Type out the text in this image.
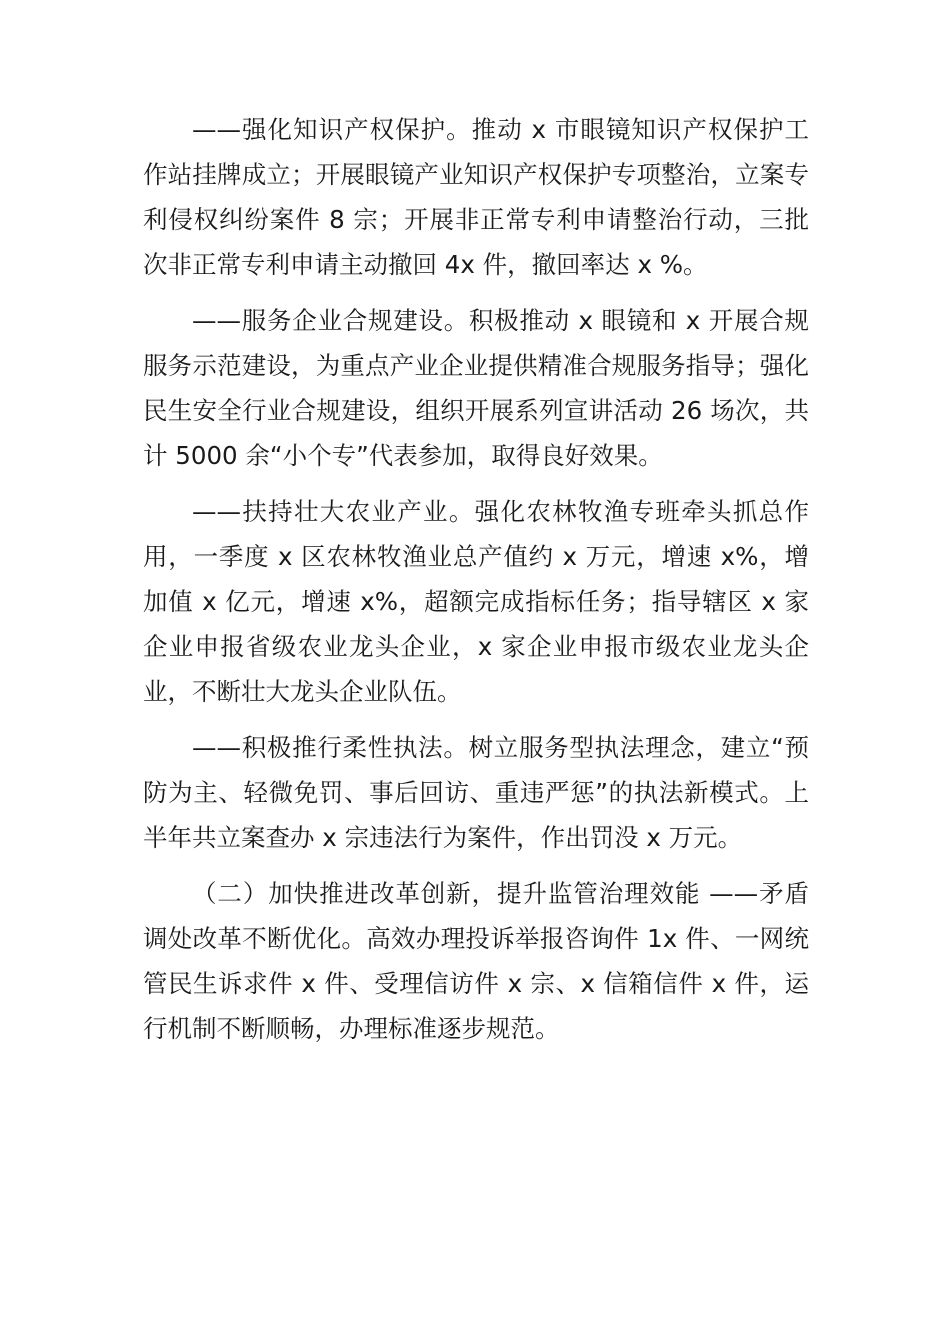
——强化知识产权保护。推动 x 市眼镜知识产权保护工作站挂牌成立；开展眼镜产业知识产权保护专项整治，立案专利侵权纠纷案件 8 宗；开展非正常专利申请整治行动，三批次非正常专利申请主动撤回 4x 件，撤回率达 x %。

——服务企业合规建设。积极推动 x 眼镜和 x 开展合规服务示范建设，为重点产业企业提供精准合规服务指导；强化民生安全行业合规建设，组织开展系列宣讲活动 26 场次，共计 5000 余“小个专”代表参加，取得良好效果。

——扶持壮大农业产业。强化农林牧渔专班牵头抓总作用，一季度 x 区农林牧渔业总产值约 x 万元，增速 x%，增加值 x 亿元，增速 x%，超额完成指标任务；指导辖区 x 家企业申报省级农业龙头企业，x 家企业申报市级农业龙头企业，不断壮大龙头企业队伍。

——积极推行柔性执法。树立服务型执法理念，建立“预防为主、轻微免罚、事后回访、重违严惩”的执法新模式。上半年共立案查办 x 宗违法行为案件，作出罚没 x 万元。

（二）加快推进改革创新，提升监管治理效能 ——矛盾调处改革不断优化。高效办理投诉举报咨询件 1x 件、一网统管民生诉求件 x 件、受理信访件 x 宗、x 信箱信件 x 件，运行机制不断顺畅，办理标准逐步规范。
